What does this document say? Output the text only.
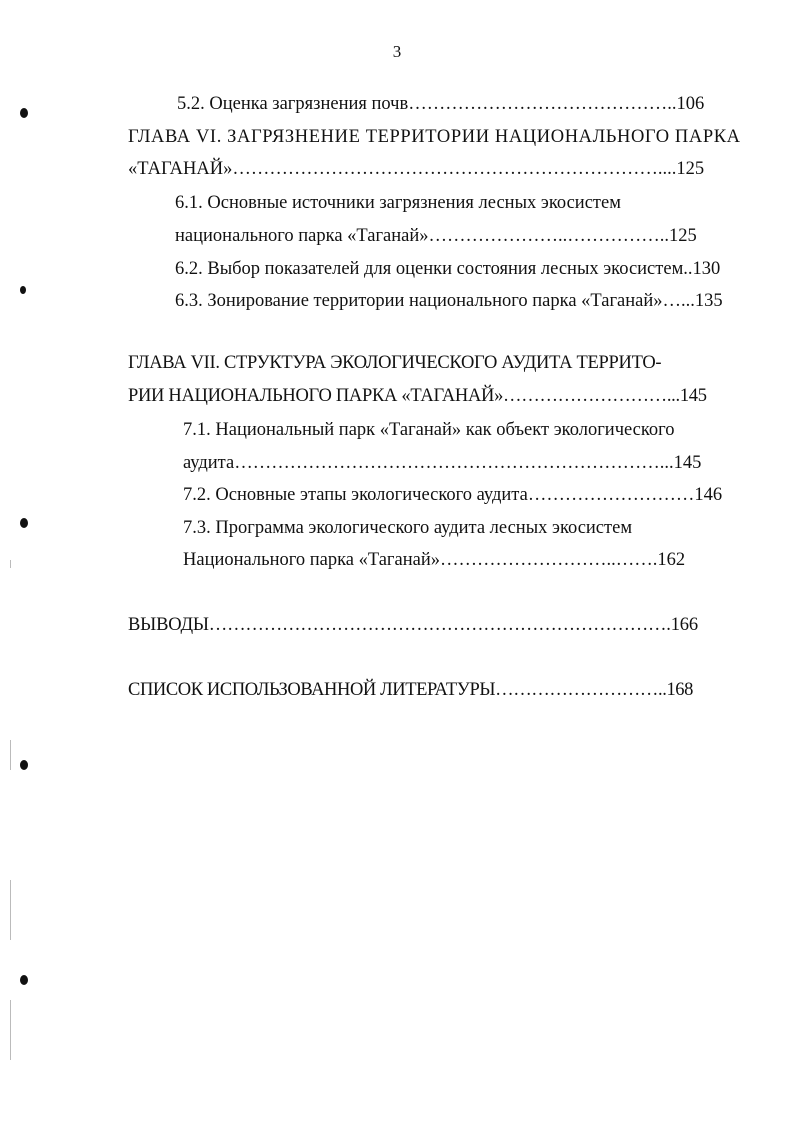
3
5.2. Оценка загрязнения почв……………………………………..106
ГЛАВА VI. ЗАГРЯЗНЕНИЕ ТЕРРИТОРИИ НАЦИОНАЛЬНОГО ПАРКА
«ТАГАНАЙ»……………………………………………………………....125
6.1. Основные источники загрязнения лесных экосистем
национального парка «Таганай»…………………..……………..125
6.2. Выбор показателей для оценки состояния лесных экосистем..130
6.3. Зонирование территории национального парка «Таганай»…...135
ГЛАВА VII. СТРУКТУРА ЭКОЛОГИЧЕСКОГО АУДИТА ТЕРРИТО-
РИИ НАЦИОНАЛЬНОГО ПАРКА «ТАГАНАЙ»………………………...145
7.1. Национальный парк «Таганай» как объект экологического
аудита……………………………………………………………...145
7.2. Основные этапы экологического аудита………………………146
7.3. Программа экологического аудита лесных экосистем
Национального парка «Таганай»………………………..…….162
ВЫВОДЫ………………………………………………………………….166
СПИСОК ИСПОЛЬЗОВАННОЙ ЛИТЕРАТУРЫ………………………..168
